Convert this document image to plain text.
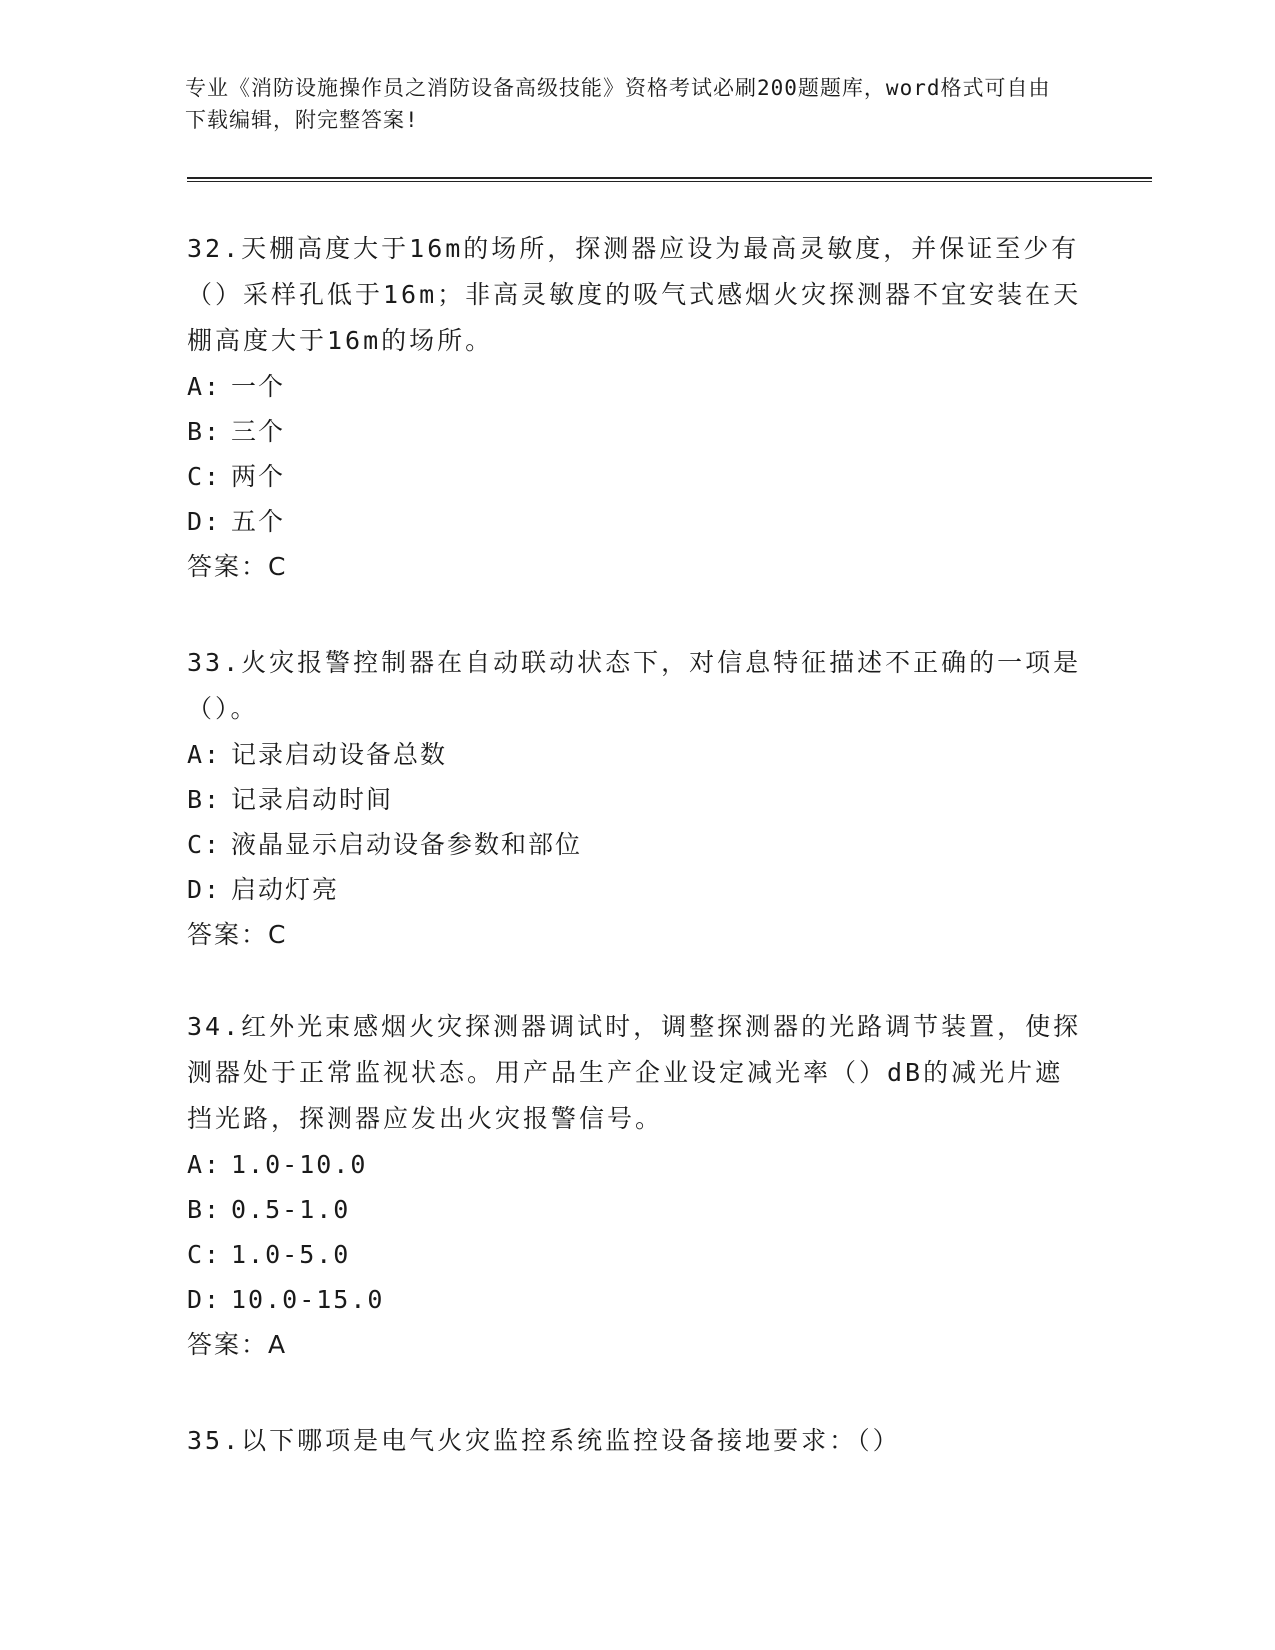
专业《消防设施操作员之消防设备高级技能》资格考试必刷200题题库，word格式可自由下载编辑，附完整答案!

32.天棚高度大于16m的场所，探测器应设为最高灵敏度，并保证至少有（）采样孔低于16m；非高灵敏度的吸气式感烟火灾探测器不宜安装在天棚高度大于16m的场所。

A: 一个
B: 三个
C: 两个
D: 五个
答案：C

33.火灾报警控制器在自动联动状态下，对信息特征描述不正确的一项是（）。

A: 记录启动设备总数
B: 记录启动时间
C: 液晶显示启动设备参数和部位
D: 启动灯亮
答案：C

34.红外光束感烟火灾探测器调试时，调整探测器的光路调节装置，使探测器处于正常监视状态。用产品生产企业设定减光率（）dB的减光片遮挡光路，探测器应发出火灾报警信号。

A: 1.0-10.0
B: 0.5-1.0
C: 1.0-5.0
D: 10.0-15.0
答案：A

35.以下哪项是电气火灾监控系统监控设备接地要求：（）
